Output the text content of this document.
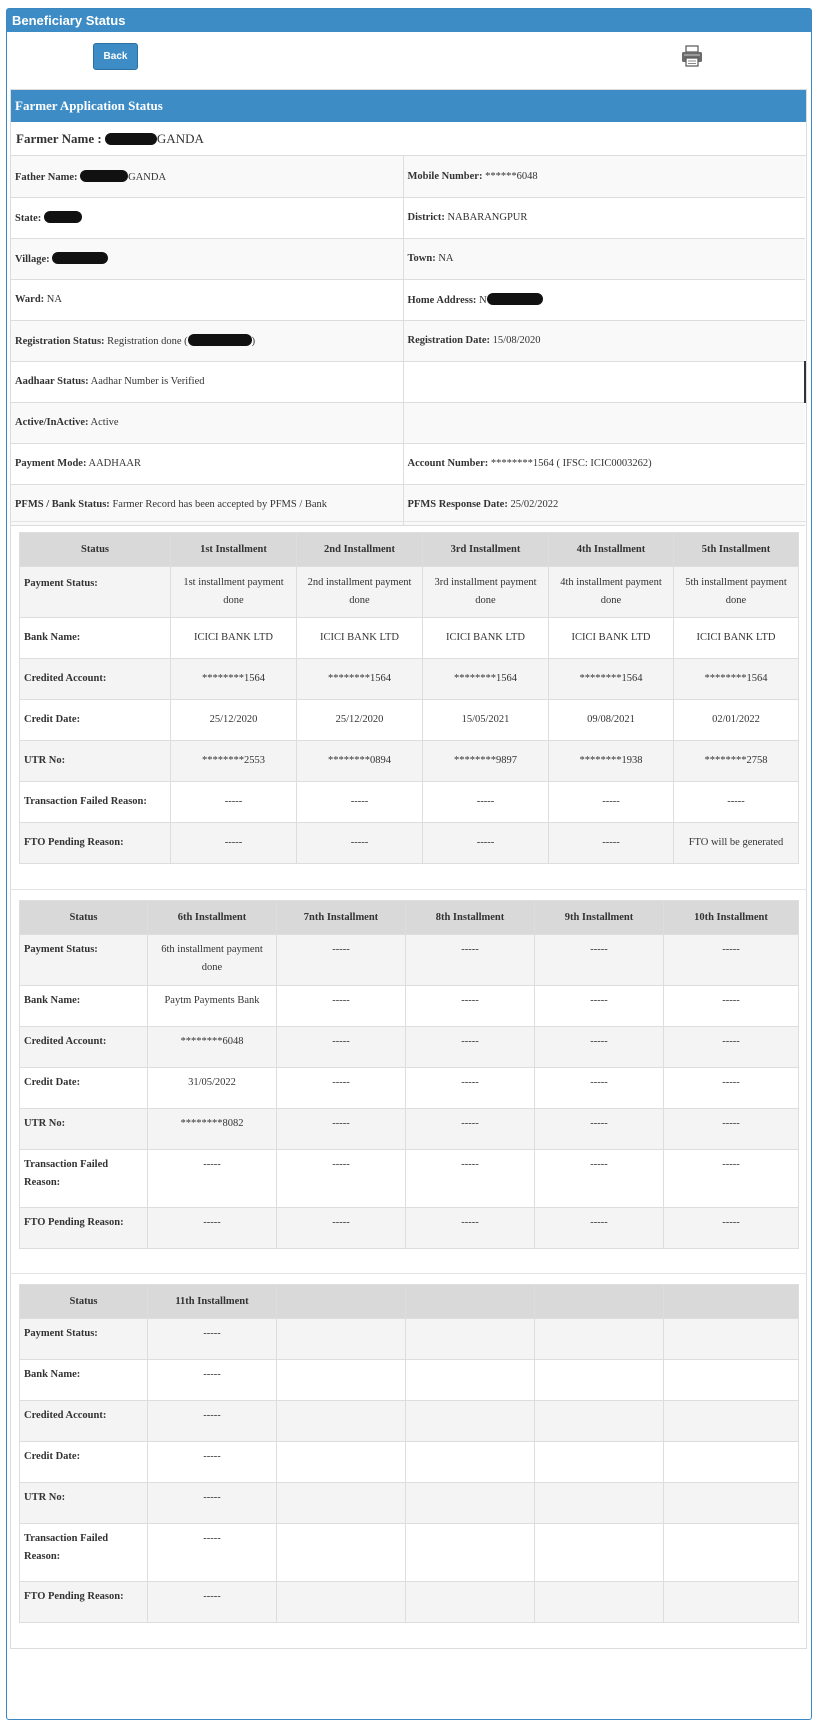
Beneficiary Status
Back
Farmer Application Status
Farmer Name :	GANDA
Father Name: GANDA	Mobile Number: ******6048
State:	District: NABARANGPUR
Village:	Town: NA
Ward: NA	Home Address: N
Registration Status: Registration done ( )	Registration Date: 15/08/2020
Aadhaar Status: Aadhar Number is Verified	
Active/InActive: Active	
Payment Mode: AADHAAR	Account Number: ********1564 ( IFSC: ICIC0003262)
PFMS / Bank Status: Farmer Record has been accepted by PFMS / Bank	PFMS Response Date: 25/02/2022
Status	1st Installment	2nd Installment	3rd Installment	4th Installment	5th Installment
Payment Status:	1st installment payment done	2nd installment payment done	3rd installment payment done	4th installment payment done	5th installment payment done
Bank Name:	ICICI BANK LTD	ICICI BANK LTD	ICICI BANK LTD	ICICI BANK LTD	ICICI BANK LTD
Credited Account:	********1564	********1564	********1564	********1564	********1564
Credit Date:	25/12/2020	25/12/2020	15/05/2021	09/08/2021	02/01/2022
UTR No:	********2553	********0894	********9897	********1938	********2758
Transaction Failed Reason:	-----	-----	-----	-----	-----
FTO Pending Reason:	-----	-----	-----	-----	FTO will be generated
Status	6th Installment	7nth Installment	8th Installment	9th Installment	10th Installment
Payment Status:	6th installment payment done	-----	-----	-----	-----
Bank Name:	Paytm Payments Bank	-----	-----	-----	-----
Credited Account:	********6048	-----	-----	-----	-----
Credit Date:	31/05/2022	-----	-----	-----	-----
UTR No:	********8082	-----	-----	-----	-----
Transaction Failed Reason:	-----	-----	-----	-----	-----
FTO Pending Reason:	-----	-----	-----	-----	-----
Status	11th Installment				
Payment Status:	-----				
Bank Name:	-----				
Credited Account:	-----				
Credit Date:	-----				
UTR No:	-----				
Transaction Failed Reason:	-----				
FTO Pending Reason:	-----				
